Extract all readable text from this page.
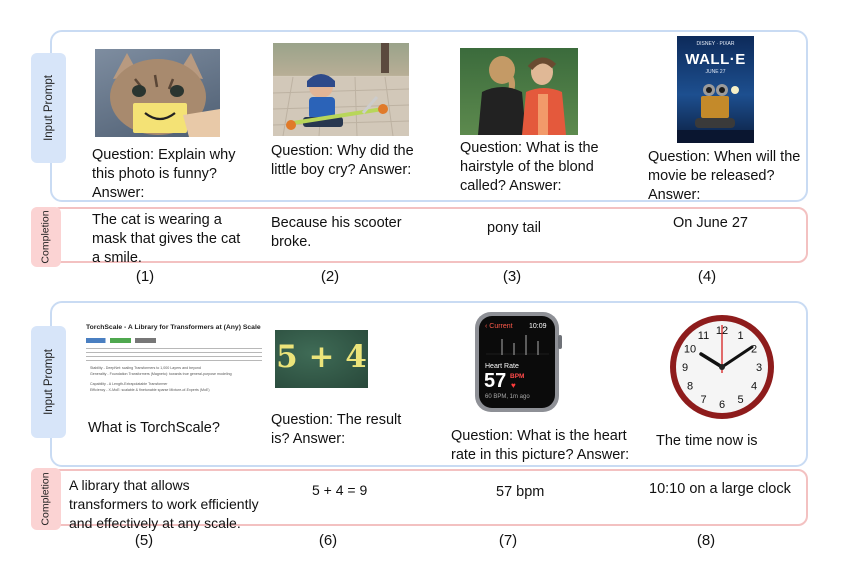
Input Prompt
DISNEY · PIXAR
WALL·E
JUNE 27
Question: Explain why this photo is funny? Answer:
Question: Why did the little boy cry? Answer:
Question: What is the hairstyle of the blond called? Answer:
Question: When will the movie be released? Answer:
Completion	The cat is wearing a mask that gives the cat a smile.
Because his scooter broke.
pony tail	On June 27
(1)	(2)	(3)	(4)
Input Prompt
TorchScale - A Library for Transformers at (Any) Scale
Stability - DeepNet: scaling Transformers to 1,000 Layers and beyond
Generality - Foundation Transformers (Magneto): towards true general-purpose modeling
Capability - A Length-Extrapolatable Transformer
Efficiency - X-MoE: scalable & finetunable sparse Mixture-of-Experts (MoE)
5 + 4
‹ Current 10:09
Heart Rate
57 BPM
♥
60 BPM, 1m ago
12 1
2
3
4
5
6
7
8
9
10
11
What is TorchScale?	Question: The result is? Answer:	Question: What is the heart rate in this picture? Answer:
The time now is
Completion A library that allows transformers to work efficiently and effectively at any scale.
5 + 4 = 9	57 bpm	10:10 on a large clock
(5)	(6)	(7)	(8)
